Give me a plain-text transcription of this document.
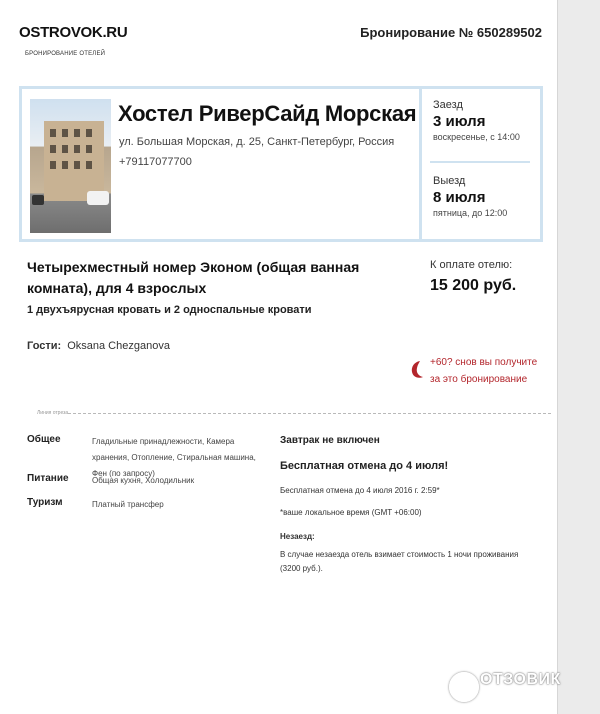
OSTROVOK.RU
БРОНИРОВАНИЕ ОТЕЛЕЙ
Бронирование № 650289502
Хостел РиверСайд Морская
ул. Большая Морская, д. 25, Санкт-Петербург, Россия
+79117077700
Заезд
3 июля
воскресенье, с 14:00
Выезд
8 июля
пятница, до 12:00
Четырехместный номер Эконом (общая ванная комната), для 4 взрослых
1 двухъярусная кровать и 2 односпальные кровати
Гости: Oksana Chezganova
К оплате отелю:
15 200 руб.
+60? снов вы получите за это бронирование
Линия отреза
Общее	Гладильные принадлежности, Камера хранения, Отопление, Стиральная машина, Фен (по запросу)
Питание	Общая кухня, Холодильник
Туризм	Платный трансфер
Завтрак не включен
Бесплатная отмена до 4 июля!
Бесплатная отмена до 4 июля 2016 г. 2:59*
*ваше локальное время (GMT +06:00)
Незаезд:
В случае незаезда отель взимает стоимость 1 ночи проживания (3200 руб.).
ОТЗОВИК
